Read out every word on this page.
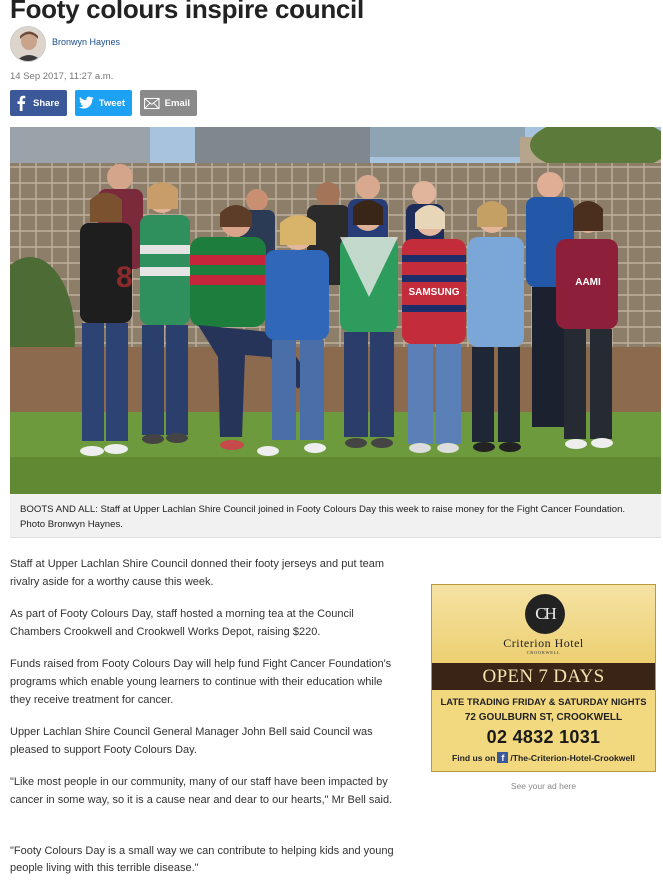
Footy colours inspire council
Bronwyn Haynes
14 Sep 2017, 11:27 a.m.
Share	Tweet	Email
8	SAMSUNG
AAMI
BOOTS AND ALL: Staff at Upper Lachlan Shire Council joined in Footy Colours Day this week to raise money for the Fight Cancer Foundation. Photo Bronwyn Haynes.

Staff at Upper Lachlan Shire Council donned their footy jerseys and put team rivalry aside for a worthy cause this week.

As part of Footy Colours Day, staff hosted a morning tea at the Council Chambers Crookwell and Crookwell Works Depot, raising $220.

Funds raised from Footy Colours Day will help fund Fight Cancer Foundation's programs which enable young learners to continue with their education while they receive treatment for cancer.

Upper Lachlan Shire Council General Manager John Bell said Council was pleased to support Footy Colours Day.

"Like most people in our community, many of our staff have been impacted by cancer in some way, so it is a cause near and dear to our hearts," Mr Bell said.

"Footy Colours Day is a small way we can contribute to helping kids and young people living with this terrible disease."

CH
Criterion Hotel
CROOKWELL
OPEN 7 DAYS
LATE TRADING FRIDAY & SATURDAY NIGHTS
72 GOULBURN ST, CROOKWELL
02 4832 1031
Find us on f /The-Criterion-Hotel-Crookwell
See your ad here
